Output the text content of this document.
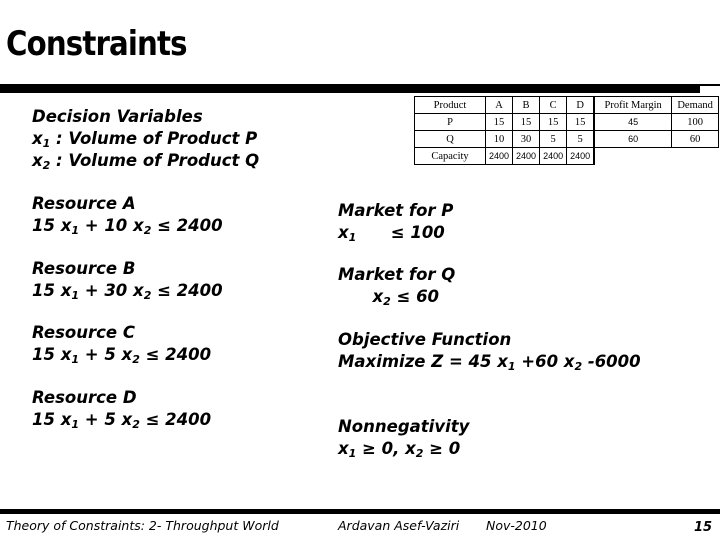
Constraints
Decision Variables
$x_1$ : Volume of Product P
$x_2$ : Volume of Product Q
Product	A	B	C	D		Profit Margin	Demand
P	15	15	15	15		45	100
Q	10	30	5	5		60	60
Capacity	2400	2400	2400	2400			
Resource A
15 $x_1 + 10$ $x_2 \le 2400$
Resource B
15 $x_1 + 30$ $x_2 \le 2400$
Resource C
15 $x_1 + 5$ $x_2 \le 2400$
Resource D
15 $x_1 + 5$ $x_2 \le 2400$
Market for P
$x_1$      ≤ 100
Market for Q
$x_2 \le 60$
Objective Function
Maximize Z = 45 $x_1 +60$ $x_2$ -6000
Nonnegativity
$x_1 \ge 0$, $x_2 \ge 0$
Theory of Constraints: 2- Throughput World	Ardavan Asef-Vaziri Nov-2010	15
